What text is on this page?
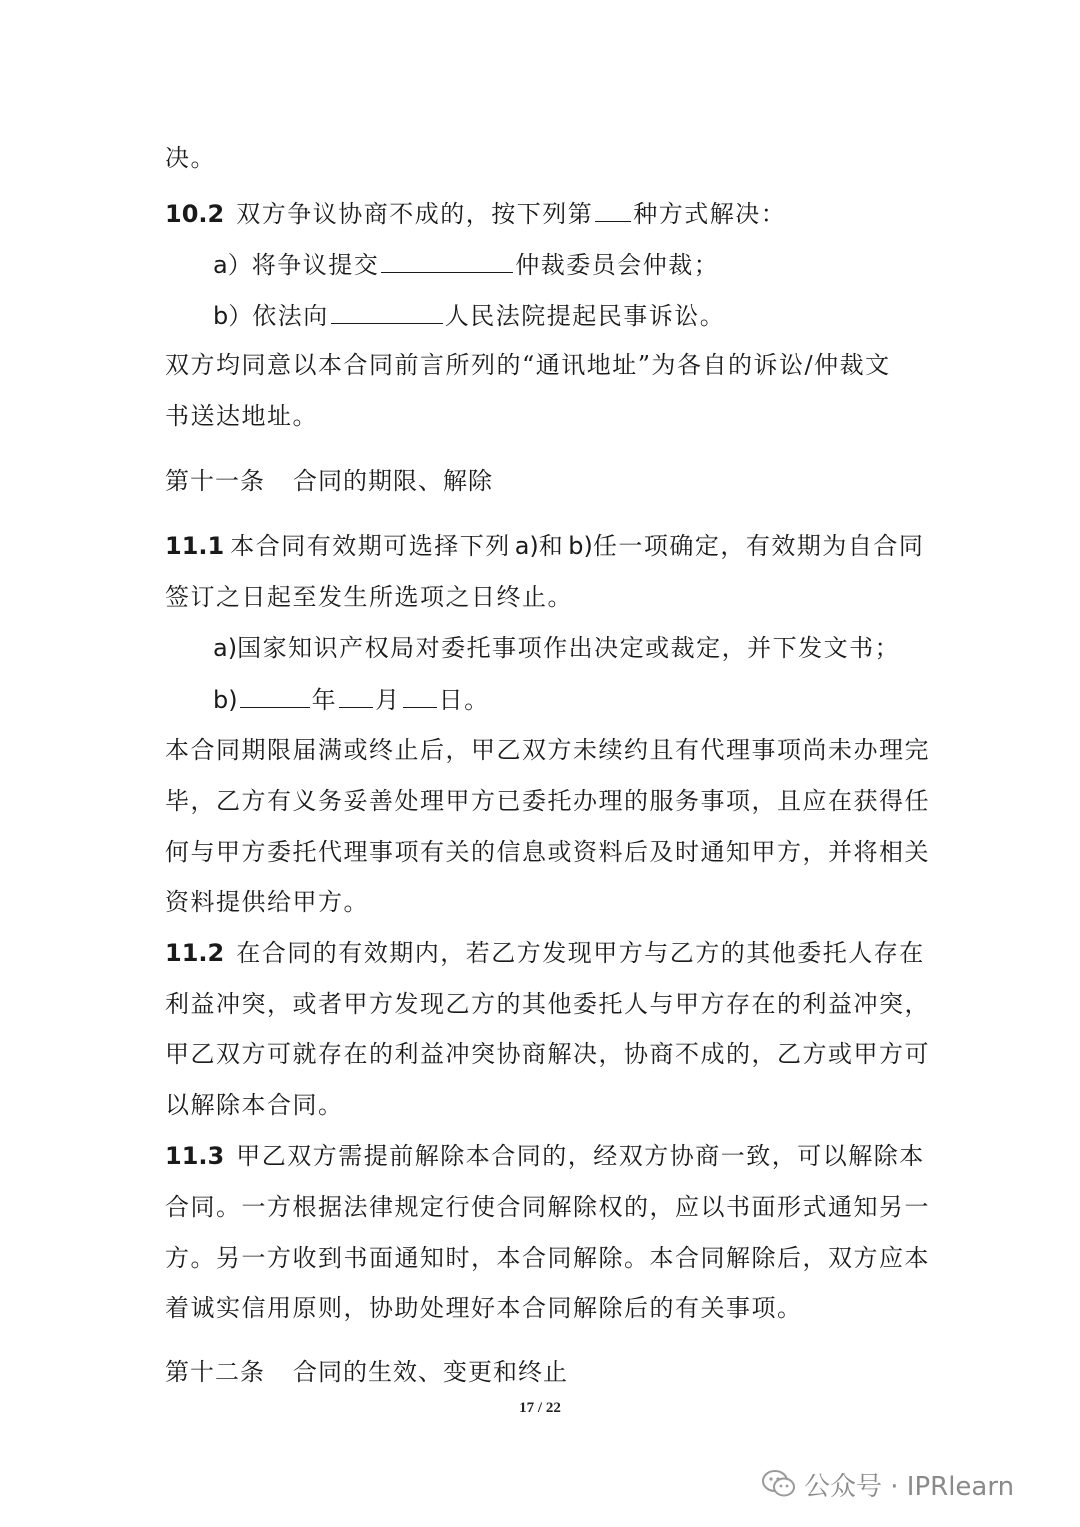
决。
10.2 双方争议协商不成的，按下列第 种方式解决：
a）将争议提交	仲裁委员会仲裁；
b）依法向	人民法院提起民事诉讼。
双方均同意以本合同前言所列的“通讯地址”为各自的诉讼/仲裁文
书送达地址。
第十一条 合同的期限、解除
11.1 本合同有效期可选择下列 a)和 b)任一项确定，有效期为自合同
签订之日起至发生所选项之日终止。
a)国家知识产权局对委托事项作出决定或裁定，并下发文书；
b)	年 月 日。
本合同期限届满或终止后，甲乙双方未续约且有代理事项尚未办理完
毕，乙方有义务妥善处理甲方已委托办理的服务事项，且应在获得任
何与甲方委托代理事项有关的信息或资料后及时通知甲方，并将相关
资料提供给甲方。
11.2 在合同的有效期内，若乙方发现甲方与乙方的其他委托人存在
利益冲突，或者甲方发现乙方的其他委托人与甲方存在的利益冲突，
甲乙双方可就存在的利益冲突协商解决，协商不成的，乙方或甲方可
以解除本合同。
11.3 甲乙双方需提前解除本合同的，经双方协商一致，可以解除本
合同。一方根据法律规定行使合同解除权的，应以书面形式通知另一
方。另一方收到书面通知时，本合同解除。本合同解除后，双方应本
着诚实信用原则，协助处理好本合同解除后的有关事项。
第十二条 合同的生效、变更和终止
17 / 22
公众号 · IPRlearn
